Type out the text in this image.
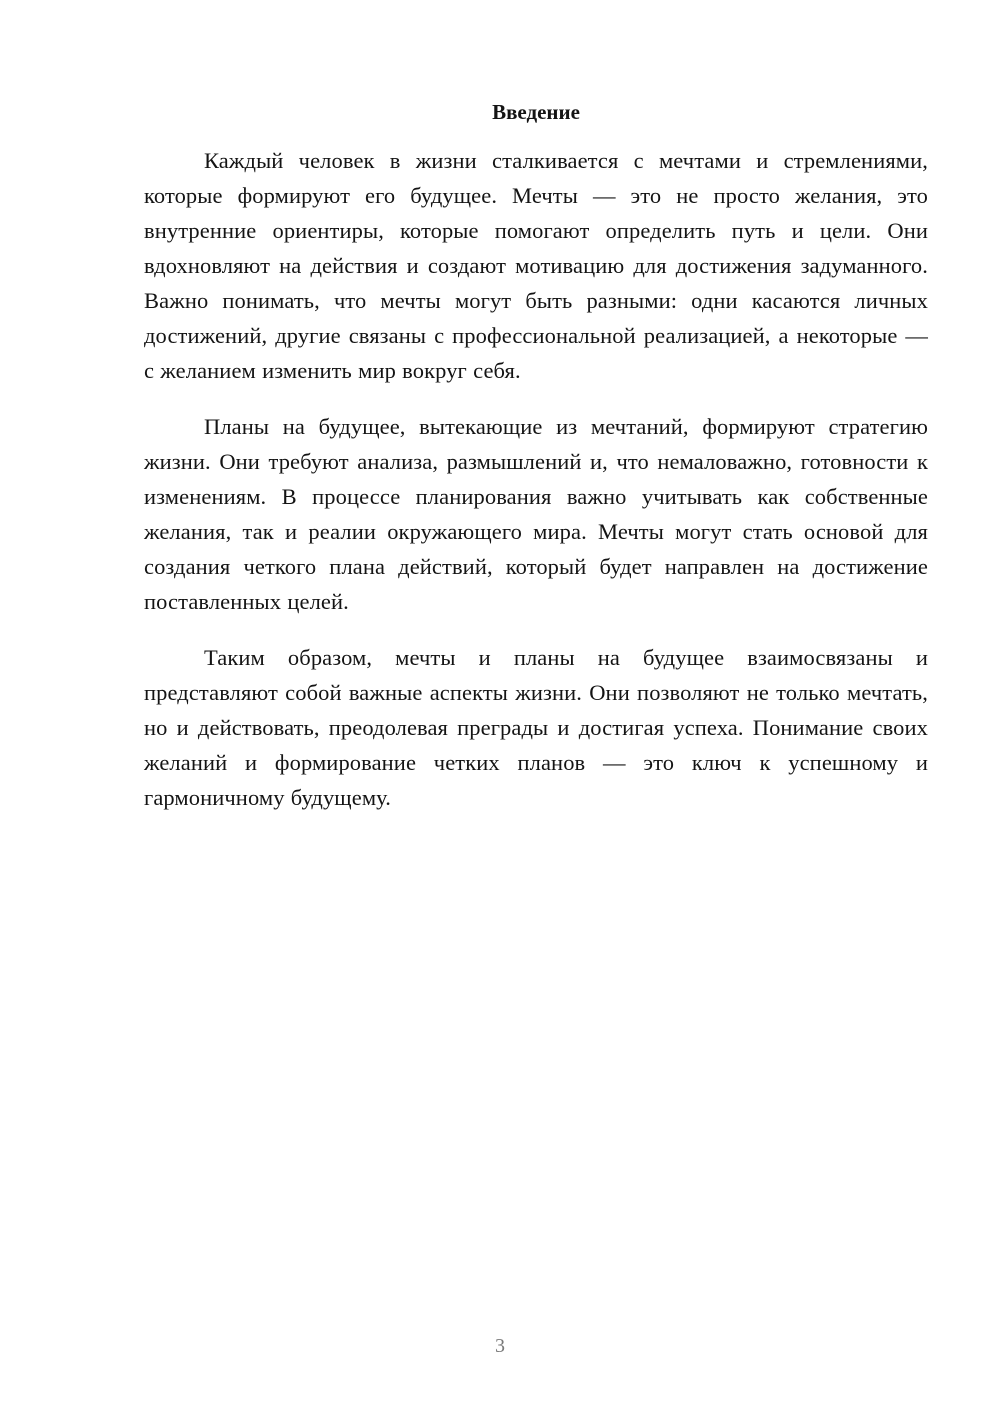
Введение

Каждый человек в жизни сталкивается с мечтами и стремлениями, которые формируют его будущее. Мечты — это не просто желания, это внутренние ориентиры, которые помогают определить путь и цели. Они вдохновляют на действия и создают мотивацию для достижения задуманного. Важно понимать, что мечты могут быть разными: одни касаются личных достижений, другие связаны с профессиональной реализацией, а некоторые — с желанием изменить мир вокруг себя.

Планы на будущее, вытекающие из мечтаний, формируют стратегию жизни. Они требуют анализа, размышлений и, что немаловажно, готовности к изменениям. В процессе планирования важно учитывать как собственные желания, так и реалии окружающего мира. Мечты могут стать основой для создания четкого плана действий, который будет направлен на достижение поставленных целей.

Таким образом, мечты и планы на будущее взаимосвязаны и представляют собой важные аспекты жизни. Они позволяют не только мечтать, но и действовать, преодолевая преграды и достигая успеха. Понимание своих желаний и формирование четких планов — это ключ к успешному и гармоничному будущему.

3
